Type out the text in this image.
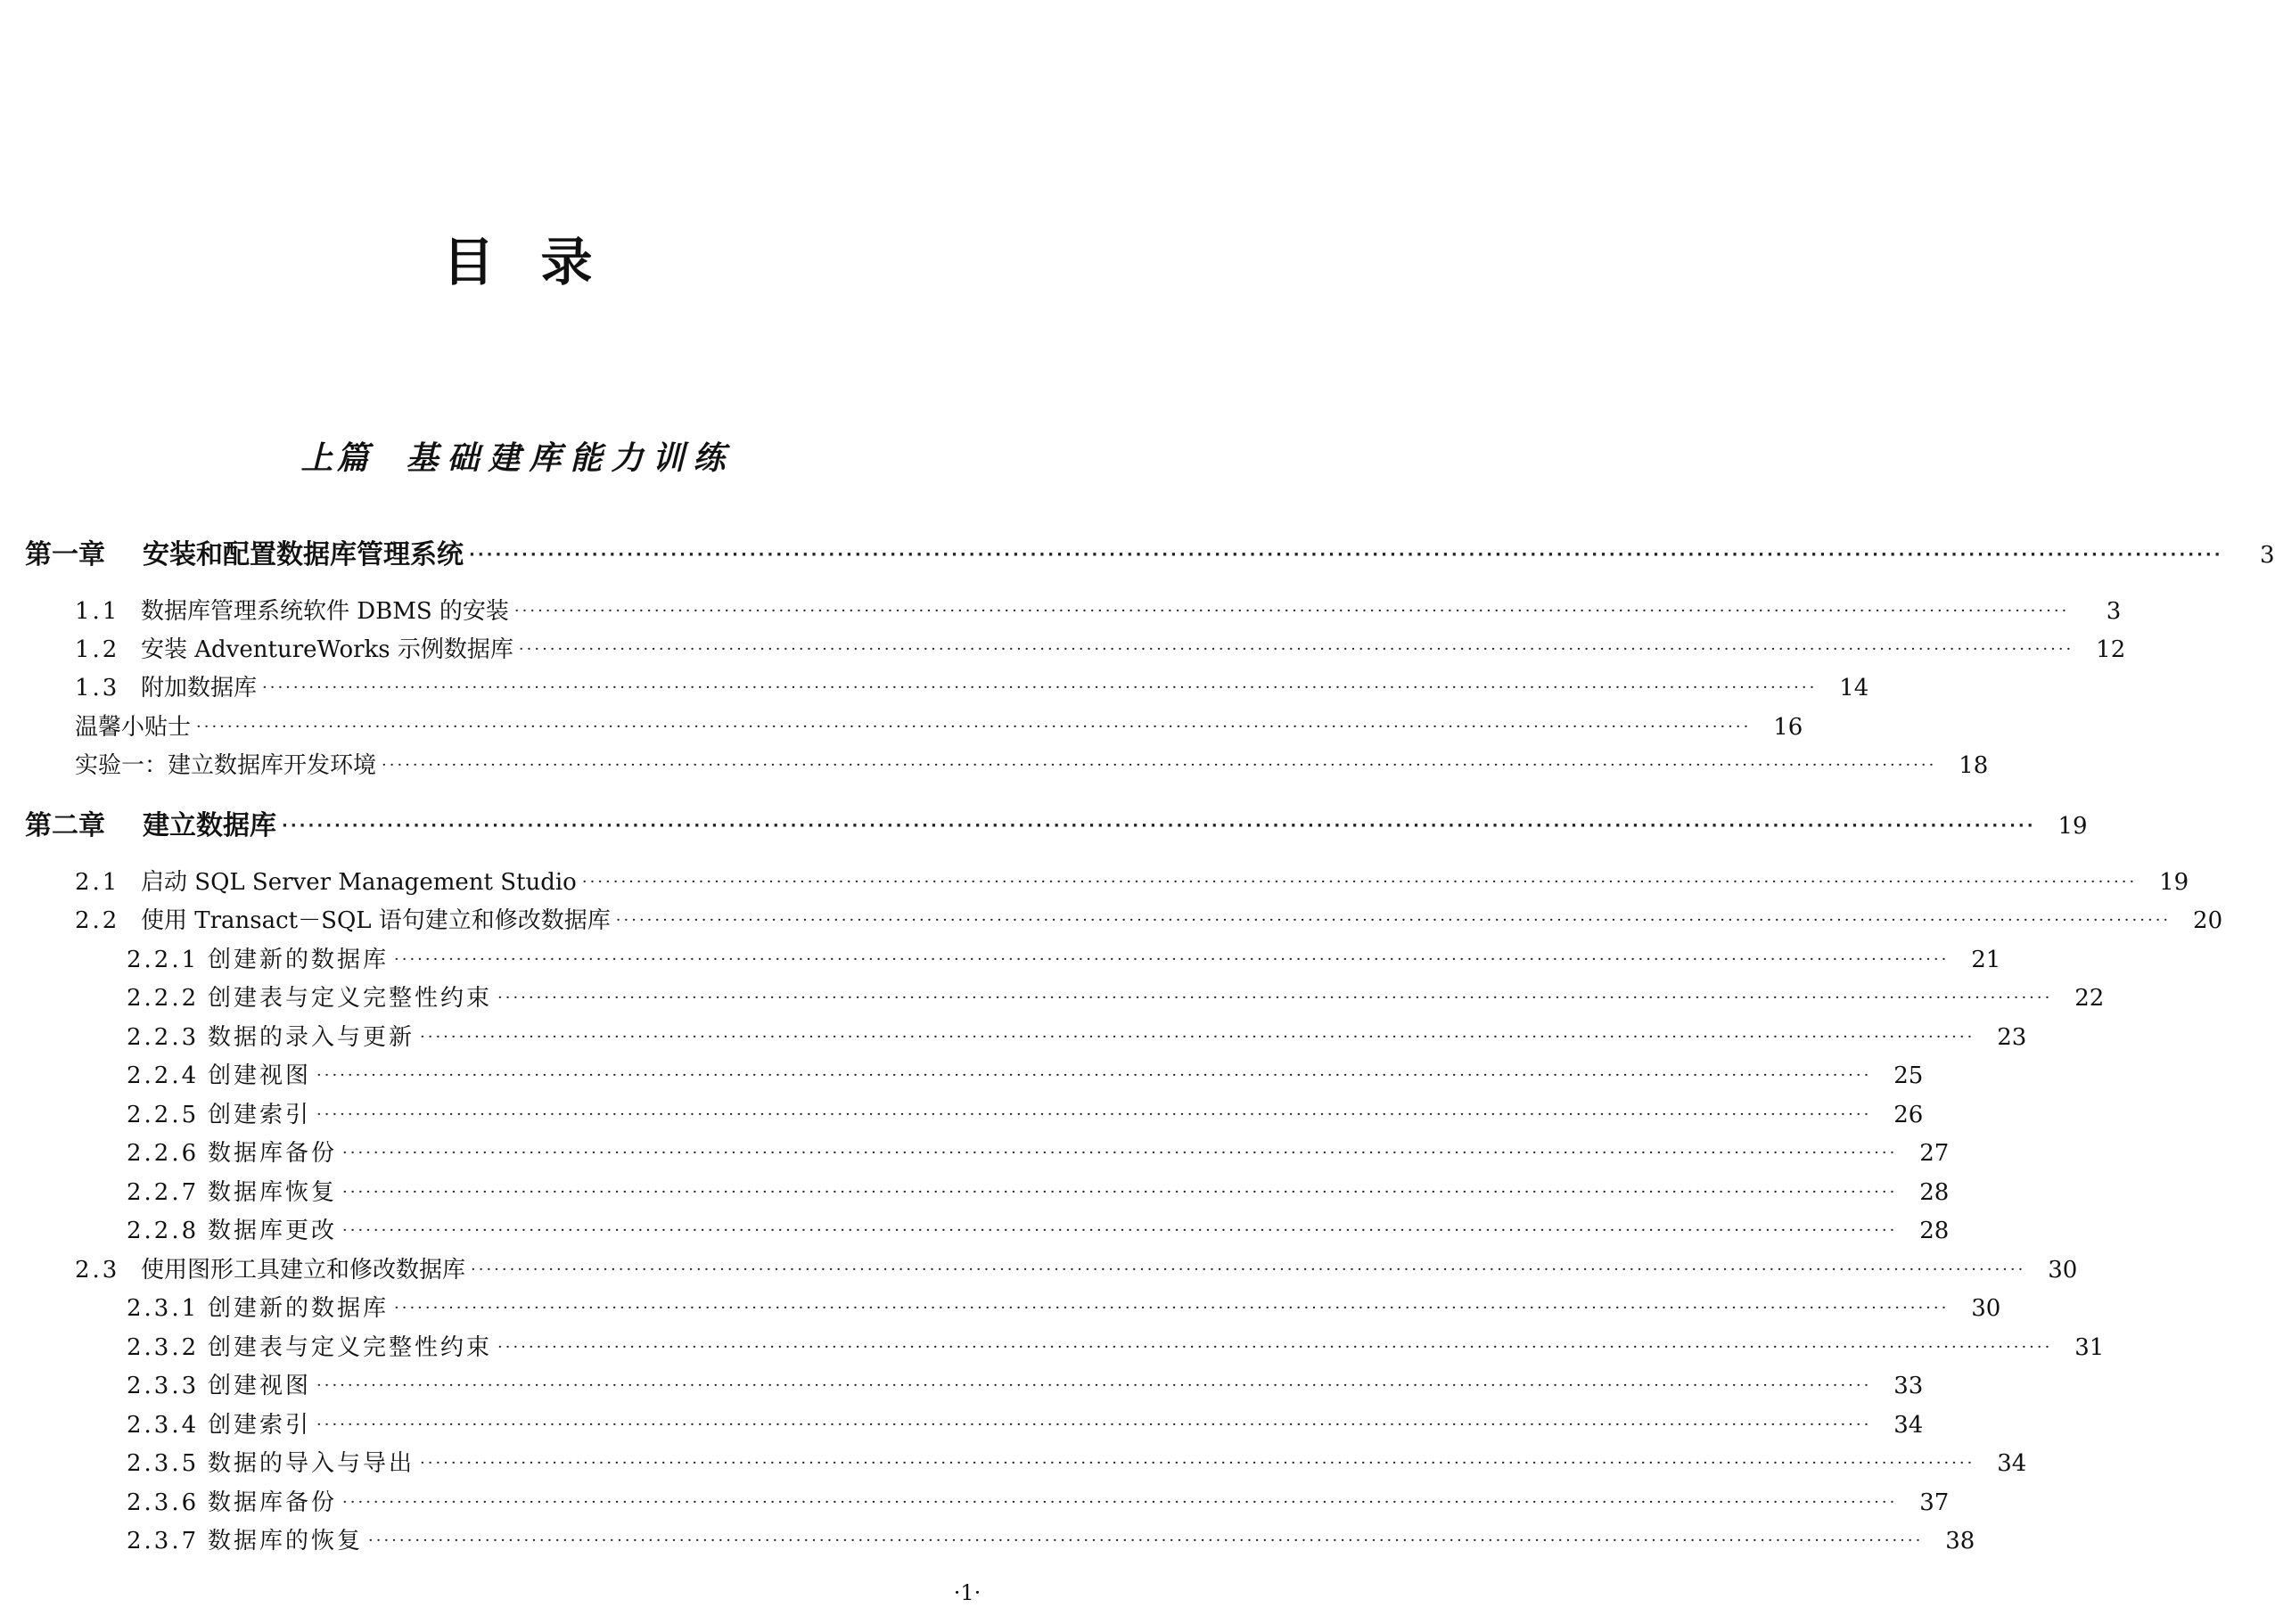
目录
上篇 基础建库能力训练
第一章	安装和配置数据库管理系统 ········································································································································································································	3
1.1 数据库管理系统软件 DBMS 的安装 ········································································································································································································	3
1.2 安装 AdventureWorks 示例数据库 ········································································································································································································ 12
1.3 附加数据库 ········································································································································································································ 14
温馨小贴士 ········································································································································································································ 16
实验一：建立数据库开发环境 ········································································································································································································ 18
第二章	建立数据库 ········································································································································································································ 19
2.1 启动 SQL Server Management Studio ········································································································································································································ 19
2.2 使用 Transact－SQL 语句建立和修改数据库 ········································································································································································································ 20
2.2.1 创建新的数据库 ········································································································································································································ 21
2.2.2 创建表与定义完整性约束 ········································································································································································································ 22
2.2.3 数据的录入与更新 ········································································································································································································ 23
2.2.4 创建视图 ········································································································································································································ 25
2.2.5 创建索引 ········································································································································································································ 26
2.2.6 数据库备份 ········································································································································································································ 27
2.2.7 数据库恢复 ········································································································································································································ 28
2.2.8 数据库更改 ········································································································································································································ 28
2.3 使用图形工具建立和修改数据库 ········································································································································································································ 30
2.3.1 创建新的数据库 ········································································································································································································ 30
2.3.2 创建表与定义完整性约束 ········································································································································································································ 31
2.3.3 创建视图 ········································································································································································································ 33
2.3.4 创建索引 ········································································································································································································ 34
2.3.5 数据的导入与导出 ········································································································································································································ 34
2.3.6 数据库备份 ········································································································································································································ 37
2.3.7 数据库的恢复 ········································································································································································································ 38
·1·
